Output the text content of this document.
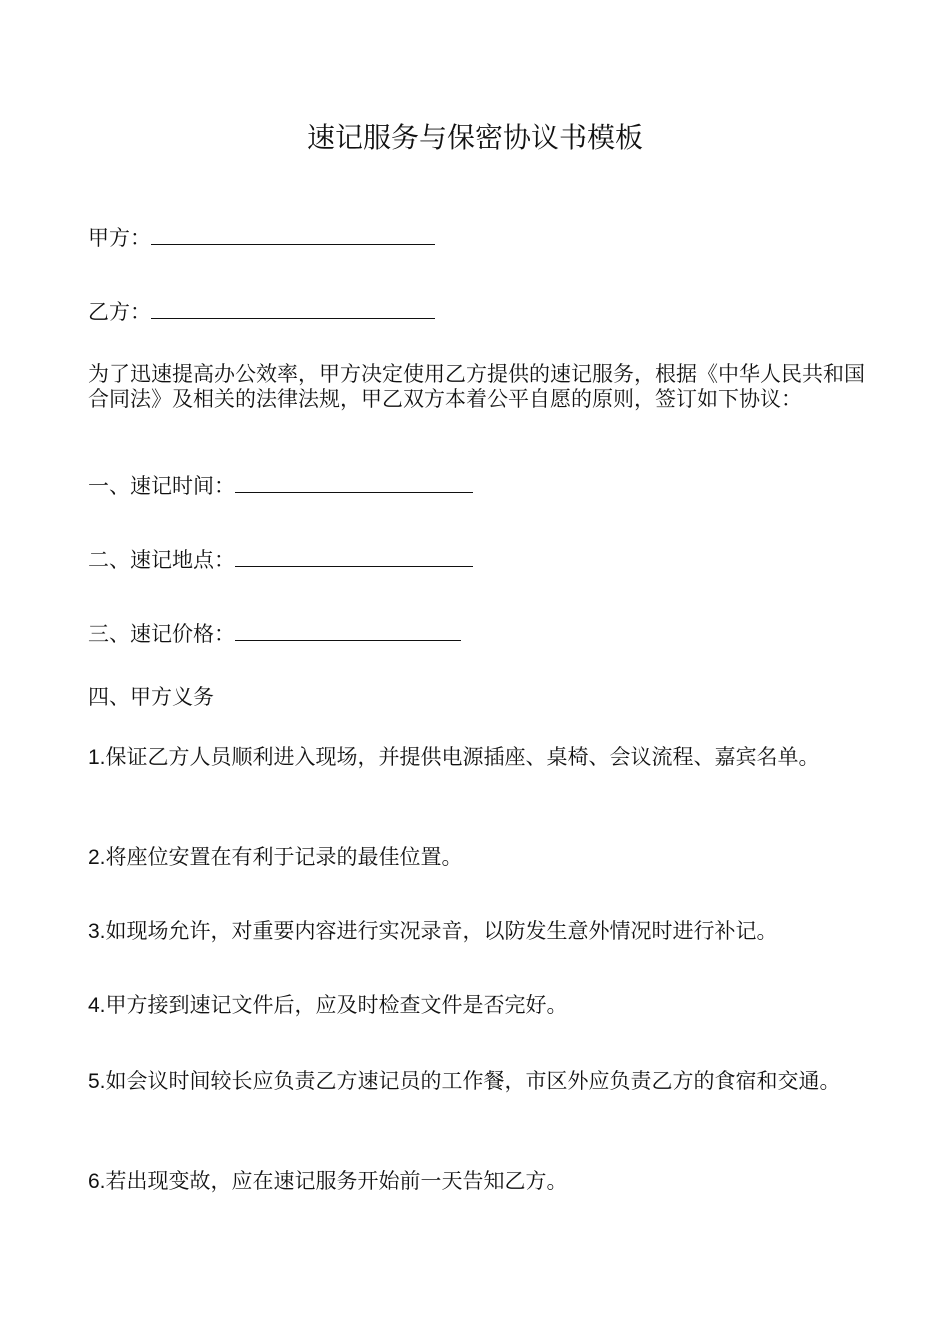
速记服务与保密协议书模板
甲方：
乙方：
为了迅速提高办公效率，甲方决定使用乙方提供的速记服务，根据《中华人民共和国合同法》及相关的法律法规，甲乙双方本着公平自愿的原则，签订如下协议：
一、速记时间：
二、速记地点：
三、速记价格：
四、甲方义务
1.保证乙方人员顺利进入现场，并提供电源插座、桌椅、会议流程、嘉宾名单。
2.将座位安置在有利于记录的最佳位置。
3.如现场允许，对重要内容进行实况录音，以防发生意外情况时进行补记。
4.甲方接到速记文件后，应及时检查文件是否完好。
5.如会议时间较长应负责乙方速记员的工作餐，市区外应负责乙方的食宿和交通。
6.若出现变故，应在速记服务开始前一天告知乙方。
